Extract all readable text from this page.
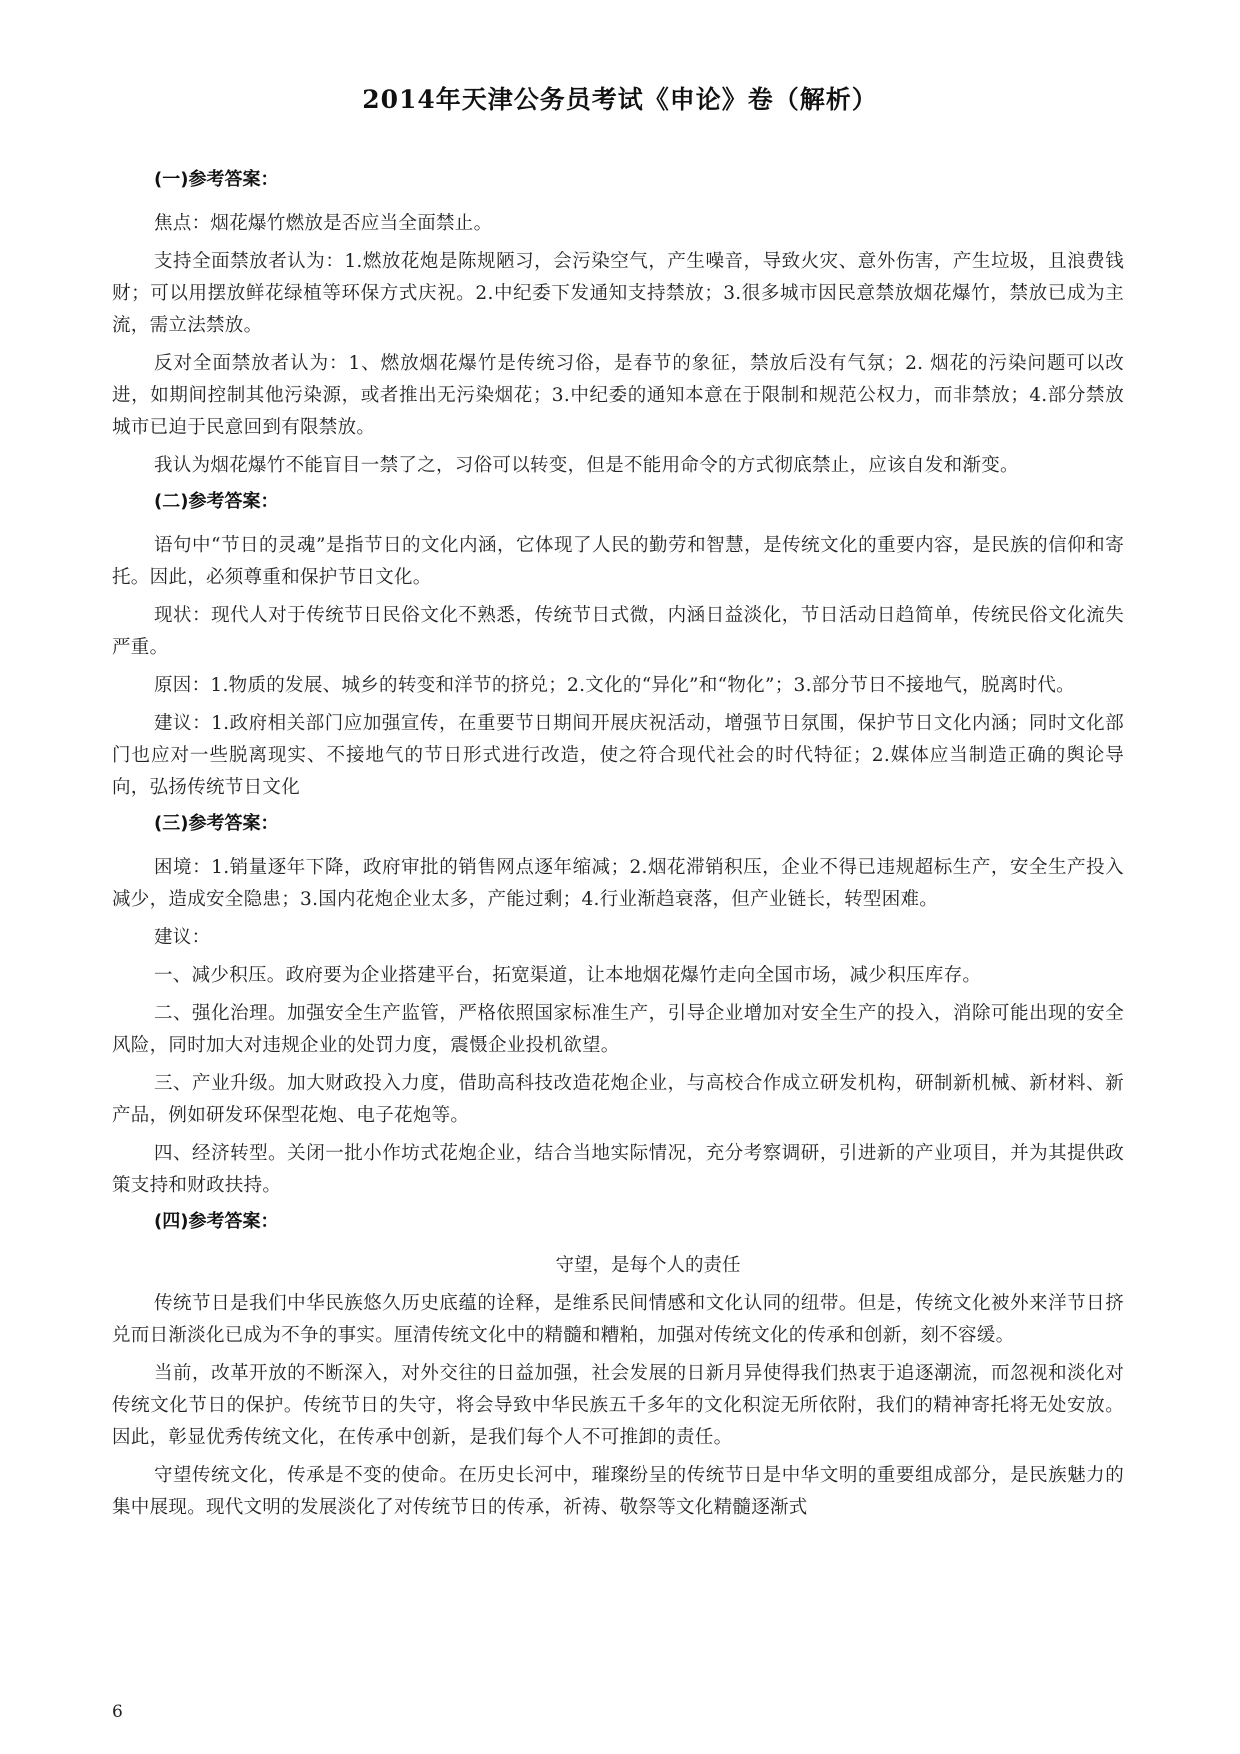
2014年天津公务员考试《申论》卷（解析）
(一)参考答案：

焦点：烟花爆竹燃放是否应当全面禁止。

支持全面禁放者认为：1.燃放花炮是陈规陋习，会污染空气，产生噪音，导致火灾、意外伤害，产生垃圾，且浪费钱财；可以用摆放鲜花绿植等环保方式庆祝。2.中纪委下发通知支持禁放；3.很多城市因民意禁放烟花爆竹，禁放已成为主流，需立法禁放。

反对全面禁放者认为：1、燃放烟花爆竹是传统习俗，是春节的象征，禁放后没有气氛；2. 烟花的污染问题可以改进，如期间控制其他污染源，或者推出无污染烟花；3.中纪委的通知本意在于限制和规范公权力，而非禁放；4.部分禁放城市已迫于民意回到有限禁放。

我认为烟花爆竹不能盲目一禁了之，习俗可以转变，但是不能用命令的方式彻底禁止，应该自发和渐变。

(二)参考答案：

语句中“节日的灵魂”是指节日的文化内涵，它体现了人民的勤劳和智慧，是传统文化的重要内容，是民族的信仰和寄托。因此，必须尊重和保护节日文化。

现状：现代人对于传统节日民俗文化不熟悉，传统节日式微，内涵日益淡化，节日活动日趋简单，传统民俗文化流失严重。

原因：1.物质的发展、城乡的转变和洋节的挤兑；2.文化的“异化”和“物化”；3.部分节日不接地气，脱离时代。

建议：1.政府相关部门应加强宣传，在重要节日期间开展庆祝活动，增强节日氛围，保护节日文化内涵；同时文化部门也应对一些脱离现实、不接地气的节日形式进行改造，使之符合现代社会的时代特征；2.媒体应当制造正确的舆论导向，弘扬传统节日文化

(三)参考答案：

困境：1.销量逐年下降，政府审批的销售网点逐年缩减；2.烟花滞销积压，企业不得已违规超标生产，安全生产投入减少，造成安全隐患；3.国内花炮企业太多，产能过剩；4.行业渐趋衰落，但产业链长，转型困难。

建议：

一、减少积压。政府要为企业搭建平台，拓宽渠道，让本地烟花爆竹走向全国市场，减少积压库存。

二、强化治理。加强安全生产监管，严格依照国家标准生产，引导企业增加对安全生产的投入，消除可能出现的安全风险，同时加大对违规企业的处罚力度，震慑企业投机欲望。

三、产业升级。加大财政投入力度，借助高科技改造花炮企业，与高校合作成立研发机构，研制新机械、新材料、新产品，例如研发环保型花炮、电子花炮等。

四、经济转型。关闭一批小作坊式花炮企业，结合当地实际情况，充分考察调研，引进新的产业项目，并为其提供政策支持和财政扶持。

(四)参考答案：
守望，是每个人的责任

传统节日是我们中华民族悠久历史底蕴的诠释，是维系民间情感和文化认同的纽带。但是，传统文化被外来洋节日挤兑而日渐淡化已成为不争的事实。厘清传统文化中的精髓和糟粕，加强对传统文化的传承和创新，刻不容缓。

当前，改革开放的不断深入，对外交往的日益加强，社会发展的日新月异使得我们热衷于追逐潮流，而忽视和淡化对传统文化节日的保护。传统节日的失守，将会导致中华民族五千多年的文化积淀无所依附，我们的精神寄托将无处安放。因此，彰显优秀传统文化，在传承中创新，是我们每个人不可推卸的责任。

守望传统文化，传承是不变的使命。在历史长河中，璀璨纷呈的传统节日是中华文明的重要组成部分，是民族魅力的集中展现。现代文明的发展淡化了对传统节日的传承，祈祷、敬祭等文化精髓逐渐式

6
